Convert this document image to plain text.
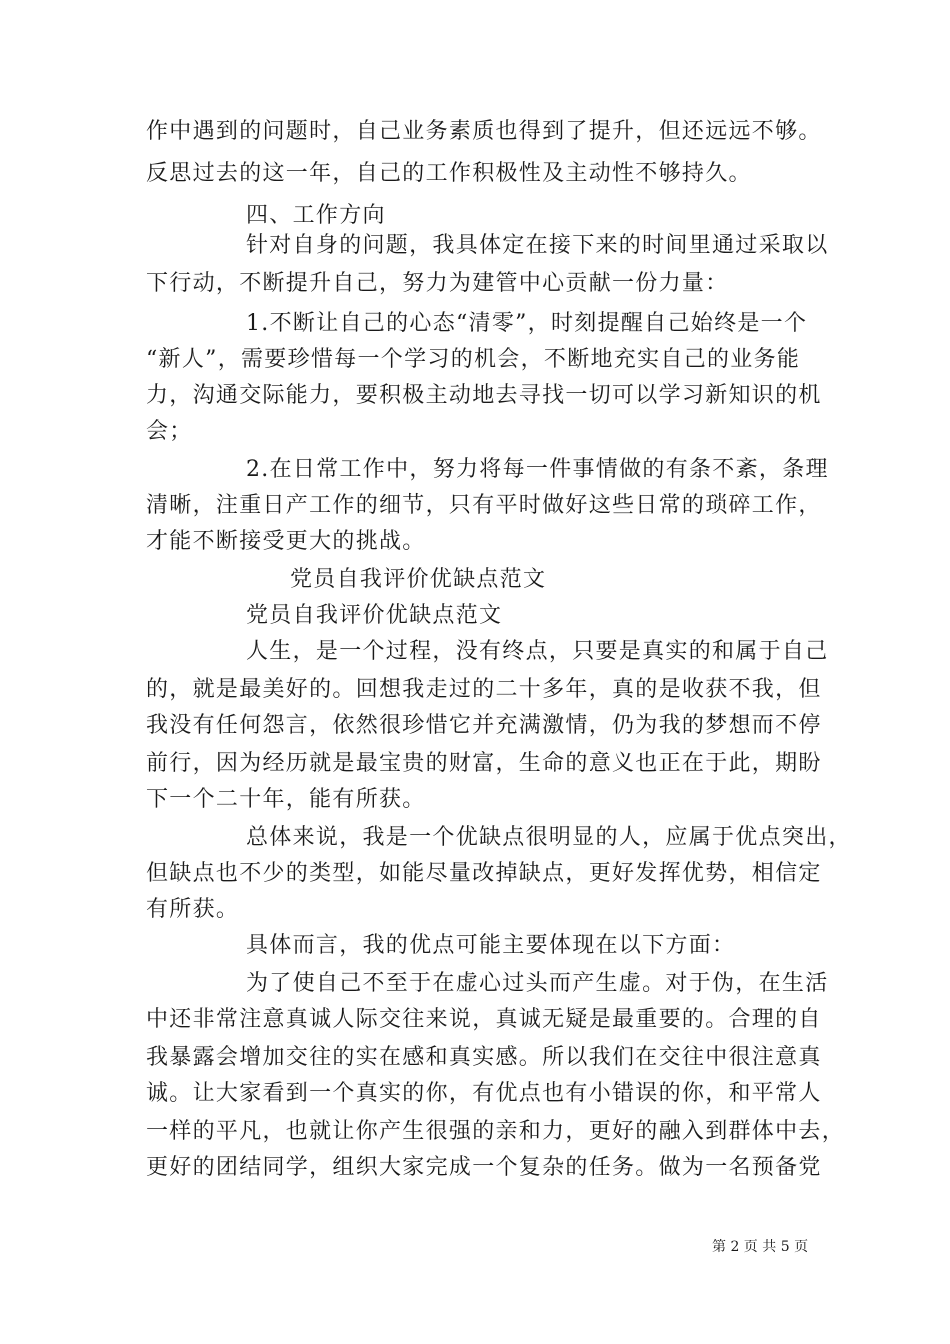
作中遇到的问题时，自己业务素质也得到了提升，但还远远不够。
反思过去的这一年，自己的工作积极性及主动性不够持久。
四、工作方向
针对自身的问题，我具体定在接下来的时间里通过采取以
下行动，不断提升自己，努力为建管中心贡献一份力量：
1.不断让自己的心态“清零”，时刻提醒自己始终是一个
“新人”，需要珍惜每一个学习的机会，不断地充实自己的业务能
力，沟通交际能力，要积极主动地去寻找一切可以学习新知识的机
会；
2.在日常工作中，努力将每一件事情做的有条不紊，条理
清晰，注重日产工作的细节，只有平时做好这些日常的琐碎工作，
才能不断接受更大的挑战。
党员自我评价优缺点范文
党员自我评价优缺点范文
人生，是一个过程，没有终点，只要是真实的和属于自己
的，就是最美好的。回想我走过的二十多年，真的是收获不我，但
我没有任何怨言，依然很珍惜它并充满激情，仍为我的梦想而不停
前行，因为经历就是最宝贵的财富，生命的意义也正在于此，期盼
下一个二十年，能有所获。
总体来说，我是一个优缺点很明显的人，应属于优点突出，
但缺点也不少的类型，如能尽量改掉缺点，更好发挥优势，相信定
有所获。
具体而言，我的优点可能主要体现在以下方面：
为了使自己不至于在虚心过头而产生虚。对于伪，在生活
中还非常注意真诚人际交往来说，真诚无疑是最重要的。合理的自
我暴露会增加交往的实在感和真实感。所以我们在交往中很注意真
诚。让大家看到一个真实的你，有优点也有小错误的你，和平常人
一样的平凡，也就让你产生很强的亲和力，更好的融入到群体中去，
更好的团结同学，组织大家完成一个复杂的任务。做为一名预备党
第 2 页 共 5 页
